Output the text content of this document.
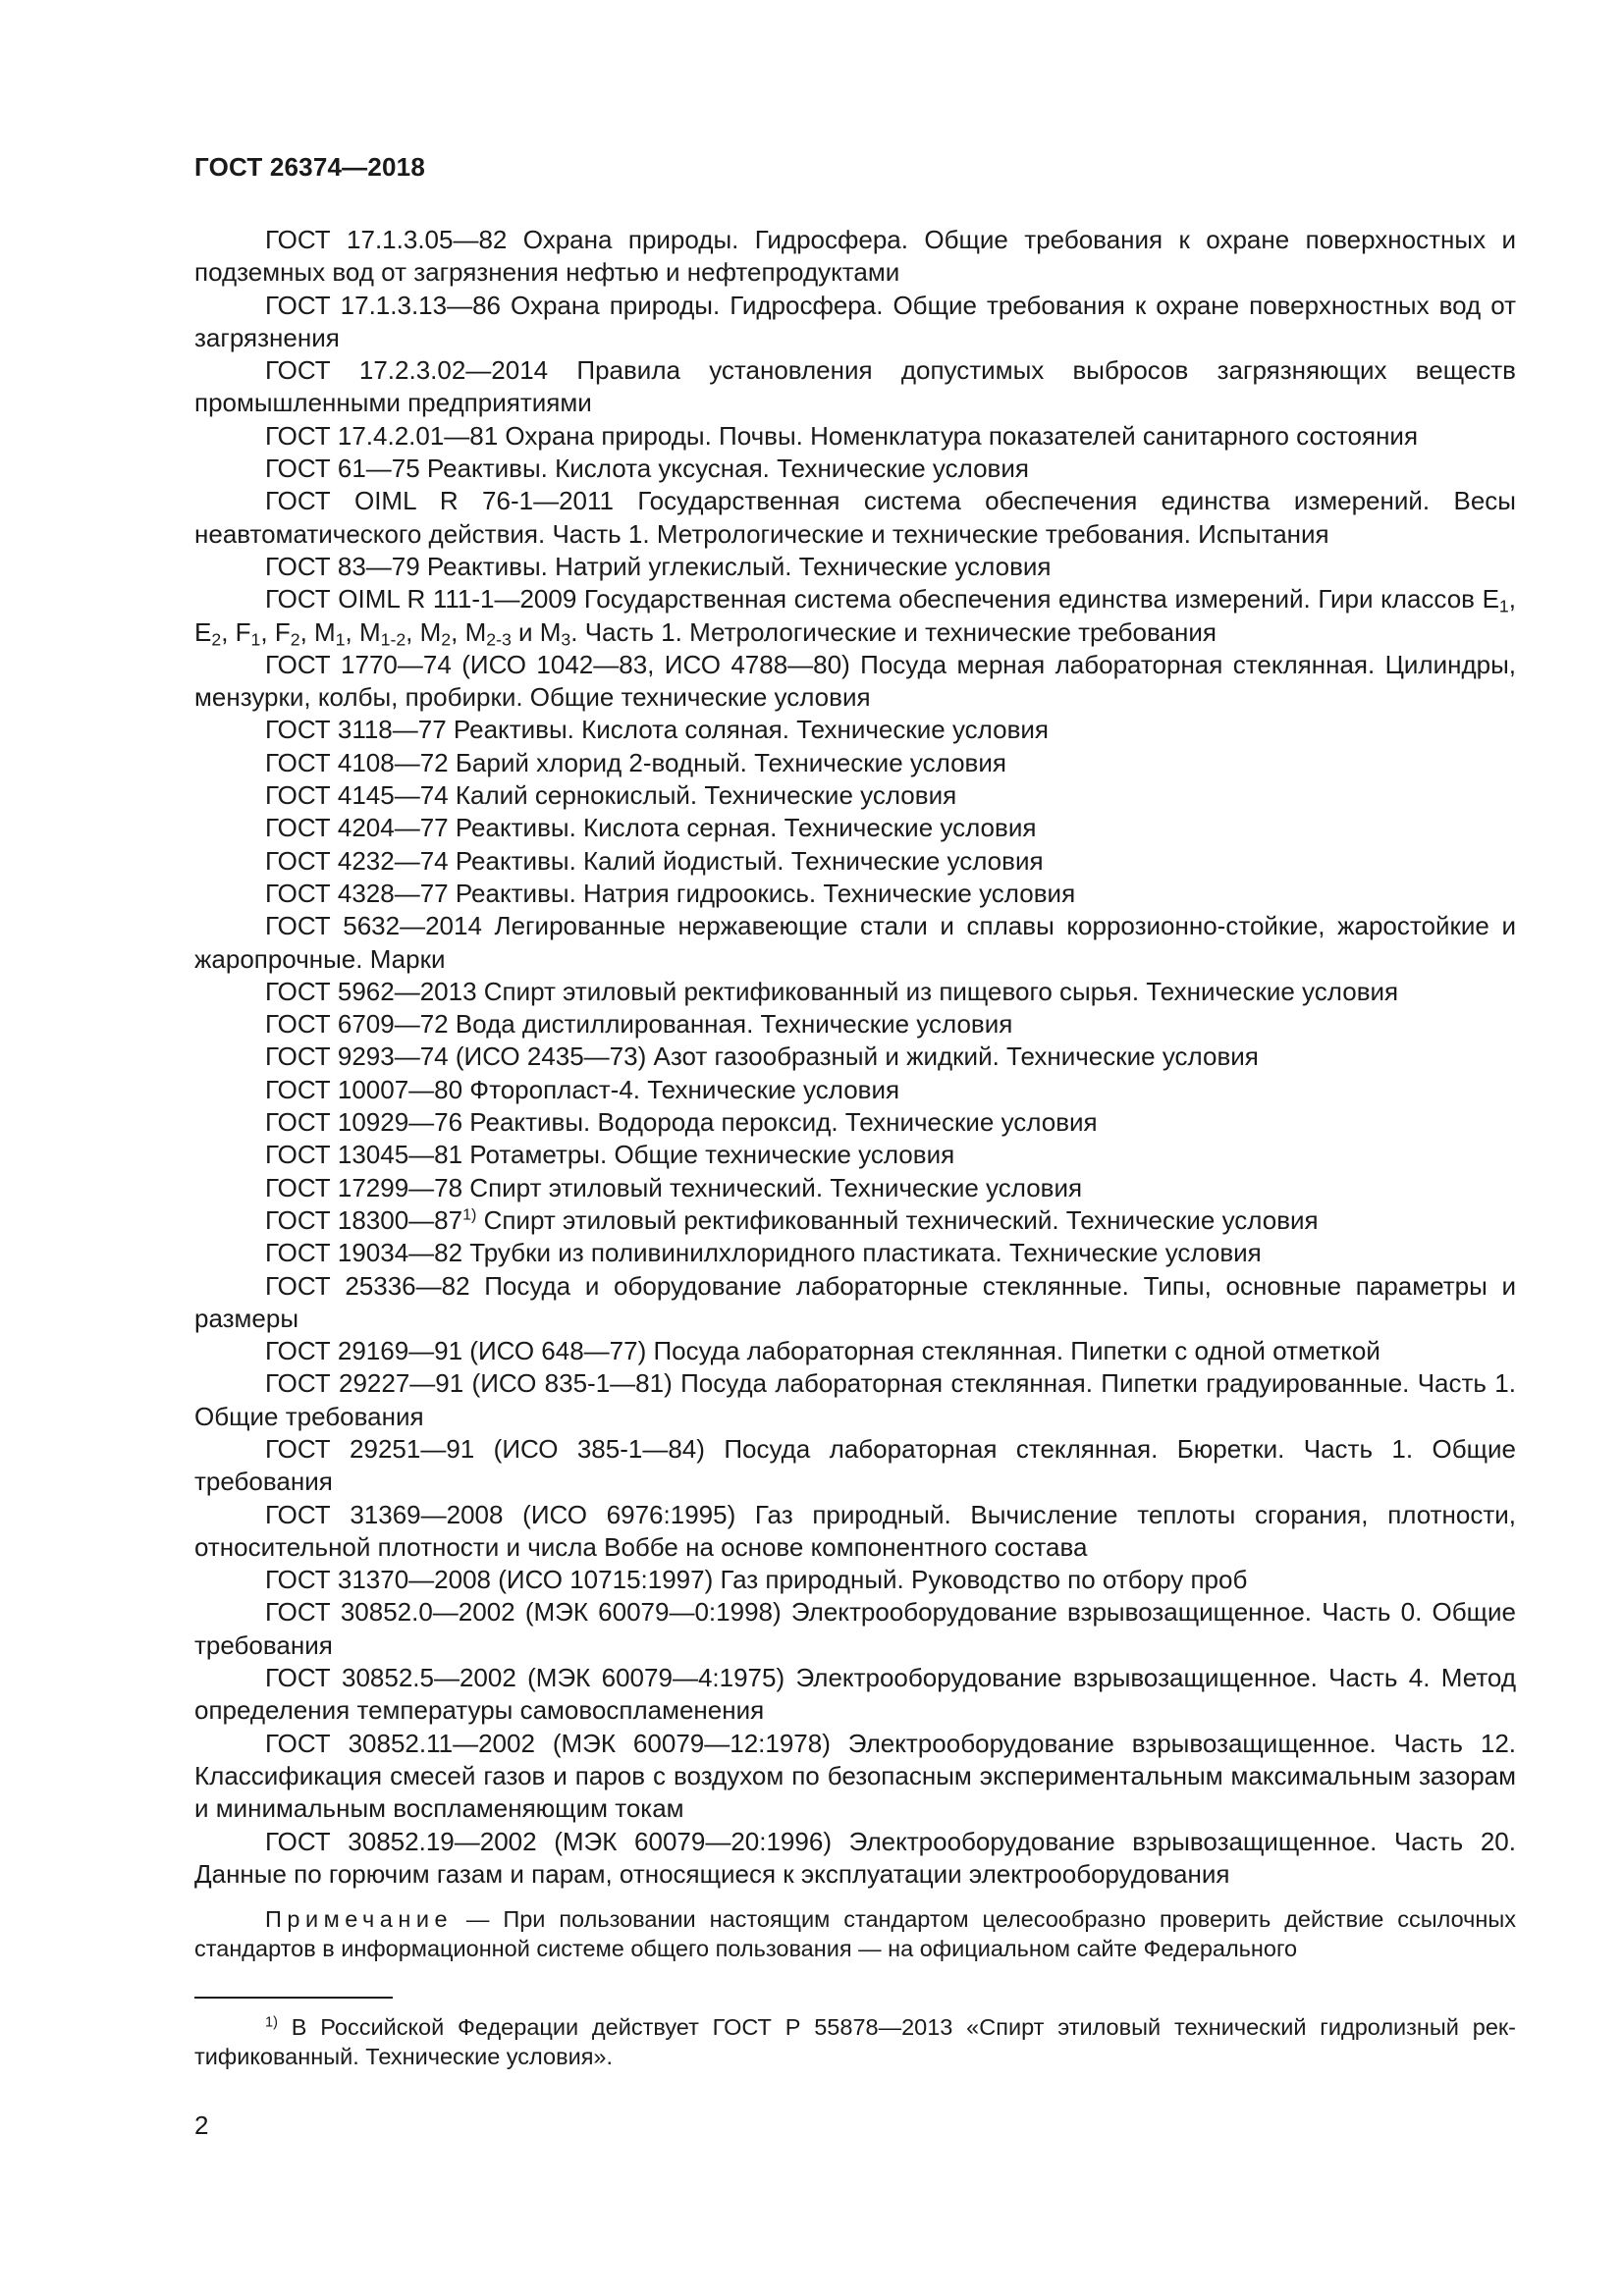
ГОСТ 26374—2018

ГОСТ 17.1.3.05—82 Охрана природы. Гидросфера. Общие требования к охране поверхностных и подземных вод от загрязнения нефтью и нефтепродуктами

ГОСТ 17.1.3.13—86 Охрана природы. Гидросфера. Общие требования к охране поверхностных вод от загрязнения

ГОСТ 17.2.3.02—2014 Правила установления допустимых выбросов загрязняющих веществ промышленными предприятиями

ГОСТ 17.4.2.01—81 Охрана природы. Почвы. Номенклатура показателей санитарного состояния

ГОСТ 61—75 Реактивы. Кислота уксусная. Технические условия

ГОСТ OIML R 76-1—2011 Государственная система обеспечения единства измерений. Весы неавтоматического действия. Часть 1. Метрологические и технические требования. Испытания

ГОСТ 83—79 Реактивы. Натрий углекислый. Технические условия

ГОСТ OIML R 111-1—2009 Государственная система обеспечения единства измерений. Гири классов $E_1$, $E_2$, $F_1$, $F_2$, $M_1$, $M_{1-2}$, $M_2$, $M_{2-3}$ и $M_3$. Часть 1. Метрологические и технические требования

ГОСТ 1770—74 (ИСО 1042—83, ИСО 4788—80) Посуда мерная лабораторная стеклянная. Цилиндры, мензурки, колбы, пробирки. Общие технические условия

ГОСТ 3118—77 Реактивы. Кислота соляная. Технические условия

ГОСТ 4108—72 Барий хлорид 2-водный. Технические условия

ГОСТ 4145—74 Калий сернокислый. Технические условия

ГОСТ 4204—77 Реактивы. Кислота серная. Технические условия

ГОСТ 4232—74 Реактивы. Калий йодистый. Технические условия

ГОСТ 4328—77 Реактивы. Натрия гидроокись. Технические условия

ГОСТ 5632—2014 Легированные нержавеющие стали и сплавы коррозионно-стойкие, жаростойкие и жаропрочные. Марки

ГОСТ 5962—2013 Спирт этиловый ректификованный из пищевого сырья. Технические условия

ГОСТ 6709—72 Вода дистиллированная. Технические условия

ГОСТ 9293—74 (ИСО 2435—73) Азот газообразный и жидкий. Технические условия

ГОСТ 10007—80 Фторопласт-4. Технические условия

ГОСТ 10929—76 Реактивы. Водорода пероксид. Технические условия

ГОСТ 13045—81 Ротаметры. Общие технические условия

ГОСТ 17299—78 Спирт этиловый технический. Технические условия

ГОСТ 18300—87$^{1)}$ Спирт этиловый ректификованный технический. Технические условия

ГОСТ 19034—82 Трубки из поливинилхлоридного пластиката. Технические условия

ГОСТ 25336—82 Посуда и оборудование лабораторные стеклянные. Типы, основные параметры и размеры

ГОСТ 29169—91 (ИСО 648—77) Посуда лабораторная стеклянная. Пипетки с одной отметкой

ГОСТ 29227—91 (ИСО 835-1—81) Посуда лабораторная стеклянная. Пипетки градуированные. Часть 1. Общие требования

ГОСТ 29251—91 (ИСО 385-1—84) Посуда лабораторная стеклянная. Бюретки. Часть 1. Общие требования

ГОСТ 31369—2008 (ИСО 6976:1995) Газ природный. Вычисление теплоты сгорания, плотности, относительной плотности и числа Воббе на основе компонентного состава

ГОСТ 31370—2008 (ИСО 10715:1997) Газ природный. Руководство по отбору проб

ГОСТ 30852.0—2002 (МЭК 60079—0:1998) Электрооборудование взрывозащищенное. Часть 0. Общие требования

ГОСТ 30852.5—2002 (МЭК 60079—4:1975) Электрооборудование взрывозащищенное. Часть 4. Метод определения температуры самовоспламенения

ГОСТ 30852.11—2002 (МЭК 60079—12:1978) Электрооборудование взрывозащищенное. Часть 12. Классификация смесей газов и паров с воздухом по безопасным экспериментальным максимальным зазорам и минимальным воспламеняющим токам

ГОСТ 30852.19—2002 (МЭК 60079—20:1996) Электрооборудование взрывозащищенное. Часть 20. Данные по горючим газам и парам, относящиеся к эксплуатации электрооборудования

Примечание — При пользовании настоящим стандартом целесообразно проверить действие ссылочных стандартов в информационной системе общего пользования — на официальном сайте Федерального

$^{1)}$ В Российской Федерации действует ГОСТ Р 55878—2013 «Спирт этиловый технический гидролизный ректификованный. Технические условия».

2
